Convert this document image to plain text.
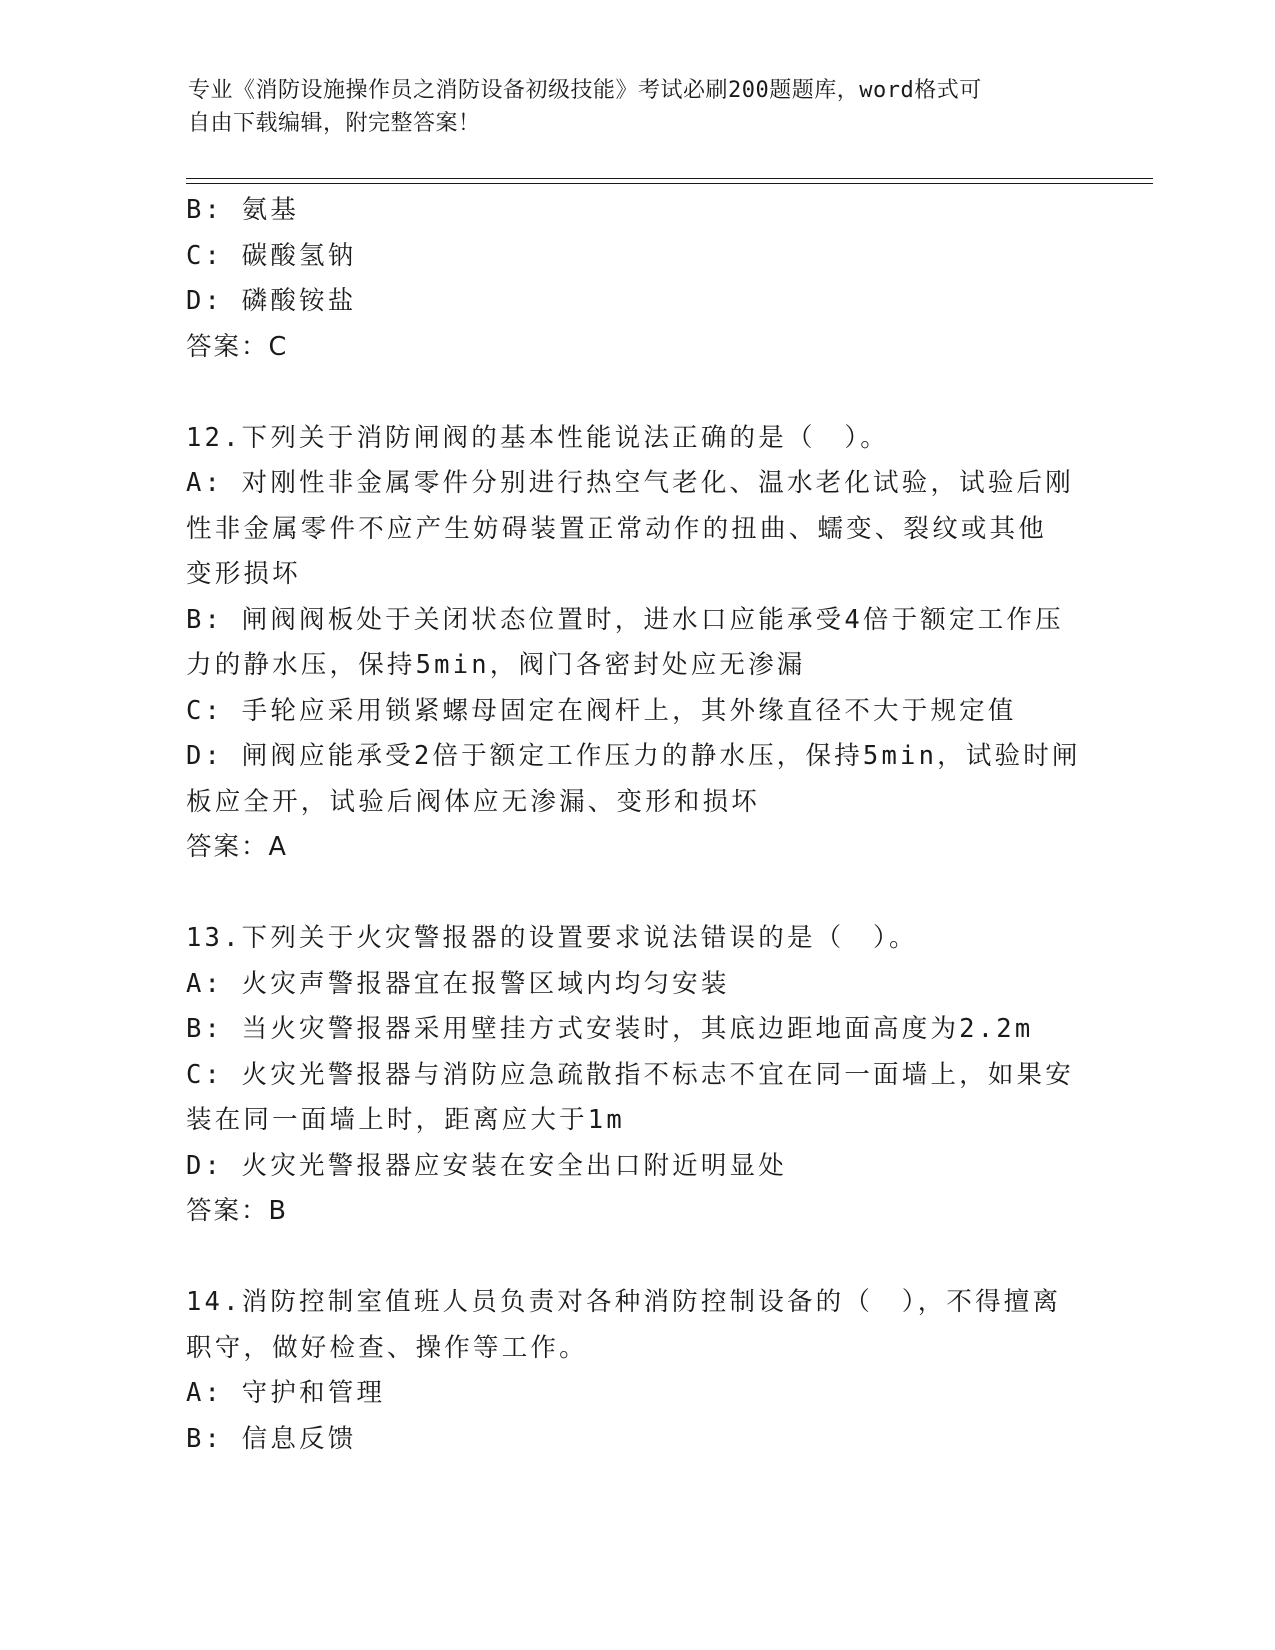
专业《消防设施操作员之消防设备初级技能》考试必刷200题题库，word格式可
自由下载编辑，附完整答案！
B: 氨基
C: 碳酸氢钠
D: 磷酸铵盐
答案：C
12.下列关于消防闸阀的基本性能说法正确的是（　）。
A: 对刚性非金属零件分别进行热空气老化、温水老化试验，试验后刚
性非金属零件不应产生妨碍装置正常动作的扭曲、蠕变、裂纹或其他
变形损坏
B: 闸阀阀板处于关闭状态位置时，进水口应能承受4倍于额定工作压
力的静水压，保持5min，阀门各密封处应无渗漏
C: 手轮应采用锁紧螺母固定在阀杆上，其外缘直径不大于规定值
D: 闸阀应能承受2倍于额定工作压力的静水压，保持5min，试验时闸
板应全开，试验后阀体应无渗漏、变形和损坏
答案：A
13.下列关于火灾警报器的设置要求说法错误的是（　）。
A: 火灾声警报器宜在报警区域内均匀安装
B: 当火灾警报器采用壁挂方式安装时，其底边距地面高度为2.2m
C: 火灾光警报器与消防应急疏散指不标志不宜在同一面墙上，如果安
装在同一面墙上时，距离应大于1m
D: 火灾光警报器应安装在安全出口附近明显处
答案：B
14.消防控制室值班人员负责对各种消防控制设备的（　），不得擅离
职守，做好检查、操作等工作。
A: 守护和管理
B: 信息反馈
